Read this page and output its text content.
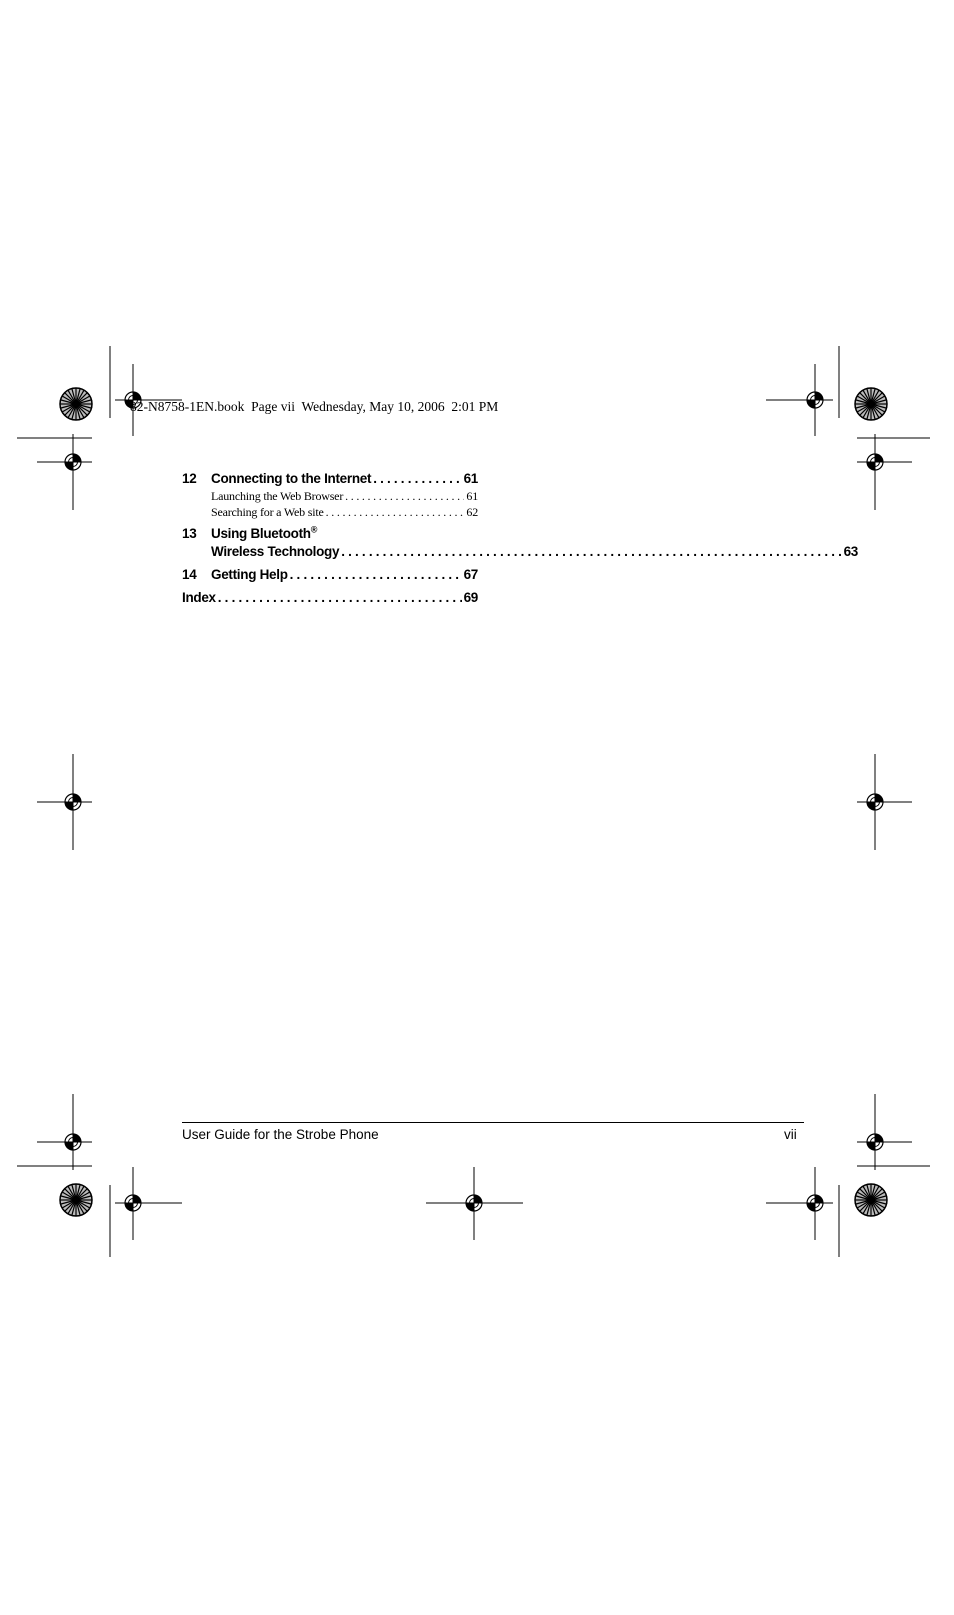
82-N8758-1EN.book  Page vii  Wednesday, May 10, 2006  2:01 PM
12	Connecting to the Internet . . .	61
Launching the Web Browser . . .	61
Searching for a Web site . . .	62
13	Using Bluetooth®
Wireless Technology . . .	63
14	Getting Help . . .	67
Index . . .	69
User Guide for the Strobe Phone	vii
